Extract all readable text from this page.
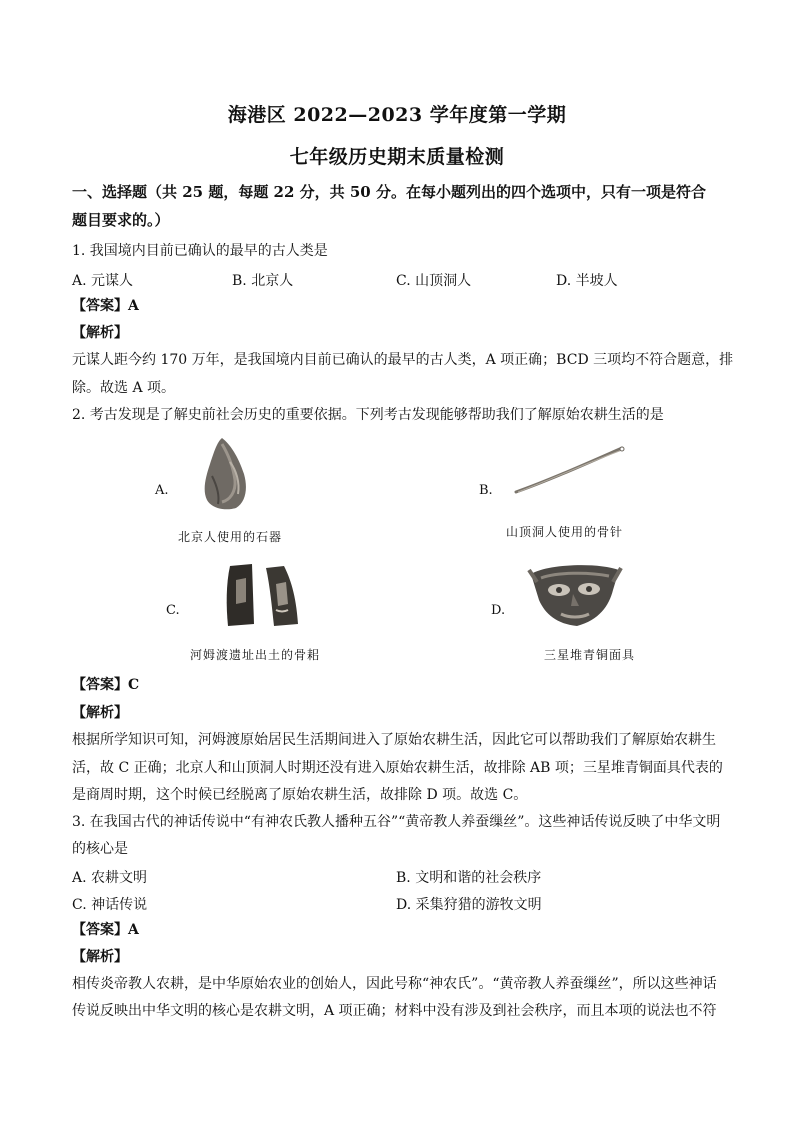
海港区 2022—2023 学年度第一学期
七年级历史期末质量检测
一、选择题（共 25 题，每题 22 分，共 50 分。在每小题列出的四个选项中，只有一项是符合
题目要求的。）
1. 我国境内目前已确认的最早的古人类是
A. 元谋人	B. 北京人	C. 山顶洞人	D. 半坡人
【答案】A
【解析】
元谋人距今约 170 万年，是我国境内目前已确认的最早的古人类，A 项正确；BCD 三项均不符合题意，排
除。故选 A 项。
2. 考古发现是了解史前社会历史的重要依据。下列考古发现能够帮助我们了解原始农耕生活的是
A.
北京人使用的石器
B.
山顶洞人使用的骨针
C.
河姆渡遗址出土的骨耜
D.
三星堆青铜面具
【答案】C
【解析】
根据所学知识可知，河姆渡原始居民生活期间进入了原始农耕生活，因此它可以帮助我们了解原始农耕生
活，故 C 正确；北京人和山顶洞人时期还没有进入原始农耕生活，故排除 AB 项；三星堆青铜面具代表的
是商周时期，这个时候已经脱离了原始农耕生活，故排除 D 项。故选 C。
3. 在我国古代的神话传说中“有神农氏教人播种五谷”“黄帝教人养蚕缫丝”。这些神话传说反映了中华文明
的核心是
A. 农耕文明	B. 文明和谐的社会秩序
C. 神话传说	D. 采集狩猎的游牧文明
【答案】A
【解析】
相传炎帝教人农耕，是中华原始农业的创始人，因此号称“神农氏”。“黄帝教人养蚕缫丝”，所以这些神话
传说反映出中华文明的核心是农耕文明，A 项正确；材料中没有涉及到社会秩序，而且本项的说法也不符
